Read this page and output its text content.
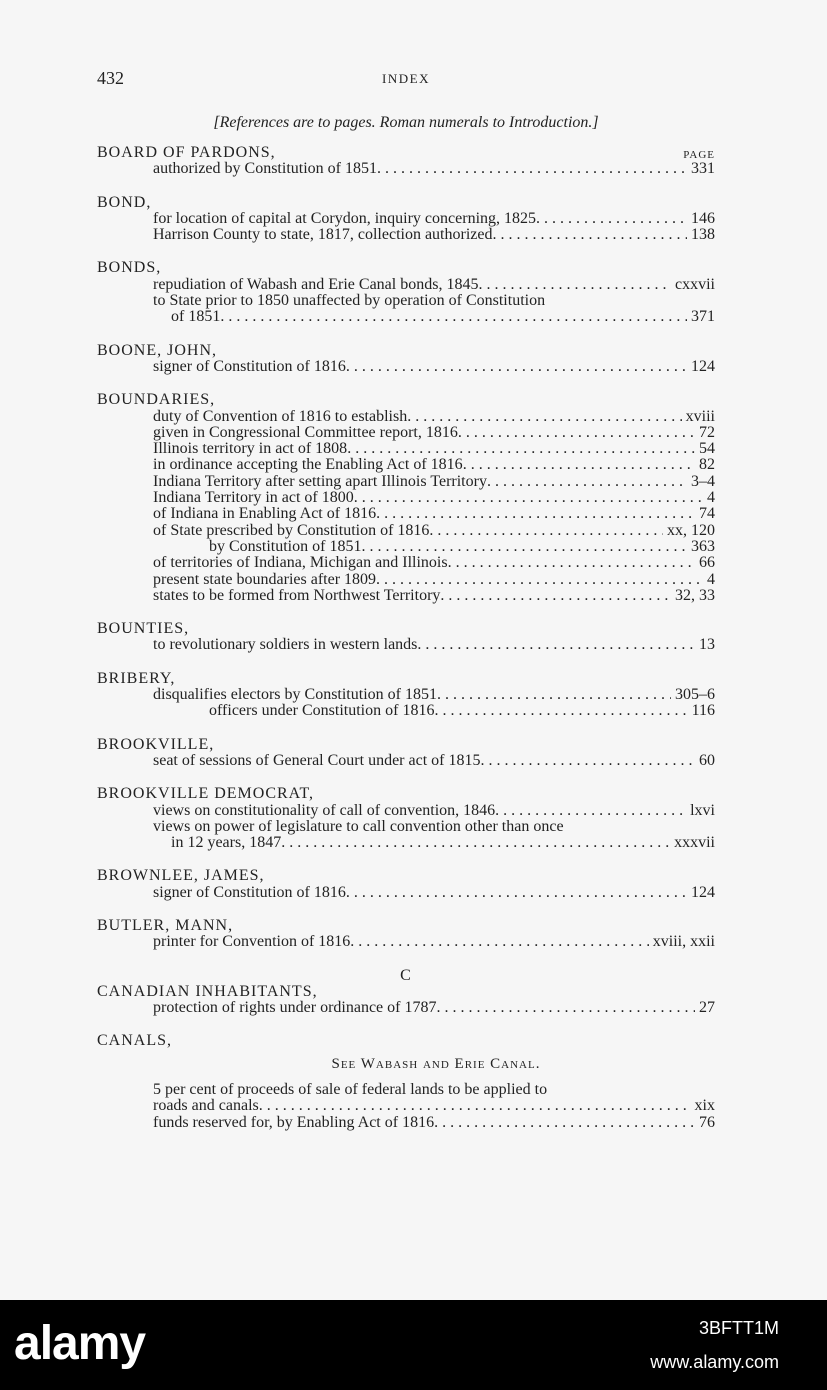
432	INDEX
[References are to pages. Roman numerals to Introduction.]
BOARD OF PARDONS,	PAGE
authorized by Constitution of 1851 . . .	331
BOND,
for location of capital at Corydon, inquiry concerning, 1825 . . .	146
Harrison County to state, 1817, collection authorized . . .	138
BONDS,
repudiation of Wabash and Erie Canal bonds, 1845 . . .	cxxvii
to State prior to 1850 unaffected by operation of Constitution
of 1851 . . .	371
BOONE, JOHN,
signer of Constitution of 1816 . . .	124
BOUNDARIES,
duty of Convention of 1816 to establish . . .	xviii
given in Congressional Committee report, 1816 . . .	72
Illinois territory in act of 1808 . . .	54
in ordinance accepting the Enabling Act of 1816 . . .	82
Indiana Territory after setting apart Illinois Territory . . .	3–4
Indiana Territory in act of 1800 . . .	4
of Indiana in Enabling Act of 1816 . . .	74
of State prescribed by Constitution of 1816 . . .	xx, 120
by Constitution of 1851 . . .	363
of territories of Indiana, Michigan and Illinois . . .	66
present state boundaries after 1809 . . .	4
states to be formed from Northwest Territory . . .	32, 33
BOUNTIES,
to revolutionary soldiers in western lands . . .	13
BRIBERY,
disqualifies electors by Constitution of 1851 . . .	305–6
officers under Constitution of 1816 . . .	116
BROOKVILLE,
seat of sessions of General Court under act of 1815 . . .	60
BROOKVILLE DEMOCRAT,
views on constitutionality of call of convention, 1846 . . .	lxvi
views on power of legislature to call convention other than once
in 12 years, 1847 . . .	xxxvii
BROWNLEE, JAMES,
signer of Constitution of 1816 . . .	124
BUTLER, MANN,
printer for Convention of 1816 . . .	xviii, xxii
C
CANADIAN INHABITANTS,
protection of rights under ordinance of 1787 . . .	27
CANALS,
See Wabash and Erie Canal.
5 per cent of proceeds of sale of federal lands to be applied to
roads and canals . . .	xix
funds reserved for, by Enabling Act of 1816 . . .	76
alamy	3BFTT1M
www.alamy.com
